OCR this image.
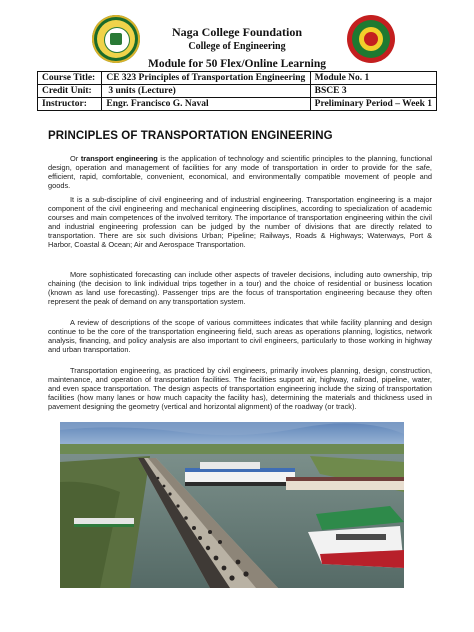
Naga College Foundation
College of Engineering
Module for 50 Flex/Online Learning
Course Title:	CE 323 Principles of Transportation Engineering	Module No. 1
Credit Unit:	3 units (Lecture)	BSCE 3
Instructor:	Engr. Francisco G. Naval	Preliminary Period – Week 1
PRINCIPLES OF TRANSPORTATION ENGINEERING

Or transport engineering is the application of technology and scientific principles to the planning, functional design, operation and management of facilities for any mode of transportation in order to provide for the safe, efficient, rapid, comfortable, convenient, economical, and environmentally compatible movement of people and goods.

It is a sub-discipline of civil engineering and of industrial engineering. Transportation engineering is a major component of the civil engineering and mechanical engineering disciplines, according to specialization of academic courses and main competences of the involved territory. The importance of transportation engineering within the civil and industrial engineering profession can be judged by the number of divisions that are directly related to transportation. There are six such divisions Urban; Pipeline; Railways, Roads & Highways; Waterways, Port & Harbor, Coastal & Ocean; Air and Aerospace Transportation.

More sophisticated forecasting can include other aspects of traveler decisions, including auto ownership, trip chaining (the decision to link individual trips together in a tour) and the choice of residential or business location (known as land use forecasting). Passenger trips are the focus of transportation engineering because they often represent the peak of demand on any transportation system.

A review of descriptions of the scope of various committees indicates that while facility planning and design continue to be the core of the transportation engineering field, such areas as operations planning, logistics, network analysis, financing, and policy analysis are also important to civil engineers, particularly to those working in highway and urban transportation.

Transportation engineering, as practiced by civil engineers, primarily involves planning, design, construction, maintenance, and operation of transportation facilities. The facilities support air, highway, railroad, pipeline, water, and even space transportation. The design aspects of transportation engineering include the sizing of transportation facilities (how many lanes or how much capacity the facility has), determining the materials and thickness used in pavement designing the geometry (vertical and horizontal alignment) of the roadway (or track).
